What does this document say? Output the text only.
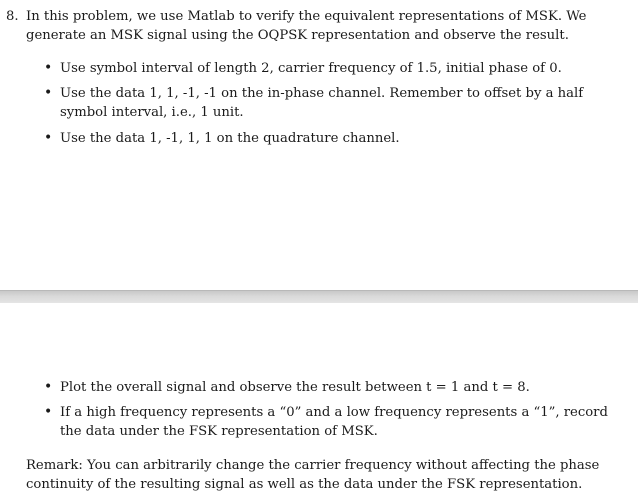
8. In this problem, we use Matlab to verify the equivalent representations of MSK. We
generate an MSK signal using the OQPSK representation and observe the result.
• Use symbol interval of length 2, carrier frequency of 1.5, initial phase of 0.
• Use the data 1, 1, -1, -1 on the in-phase channel. Remember to offset by a half
symbol interval, i.e., 1 unit.
• Use the data 1, -1, 1, 1 on the quadrature channel.
• Plot the overall signal and observe the result between t = 1 and t = 8.
• If a high frequency represents a “0” and a low frequency represents a “1”, record
the data under the FSK representation of MSK.
Remark: You can arbitrarily change the carrier frequency without affecting the phase
continuity of the resulting signal as well as the data under the FSK representation.
